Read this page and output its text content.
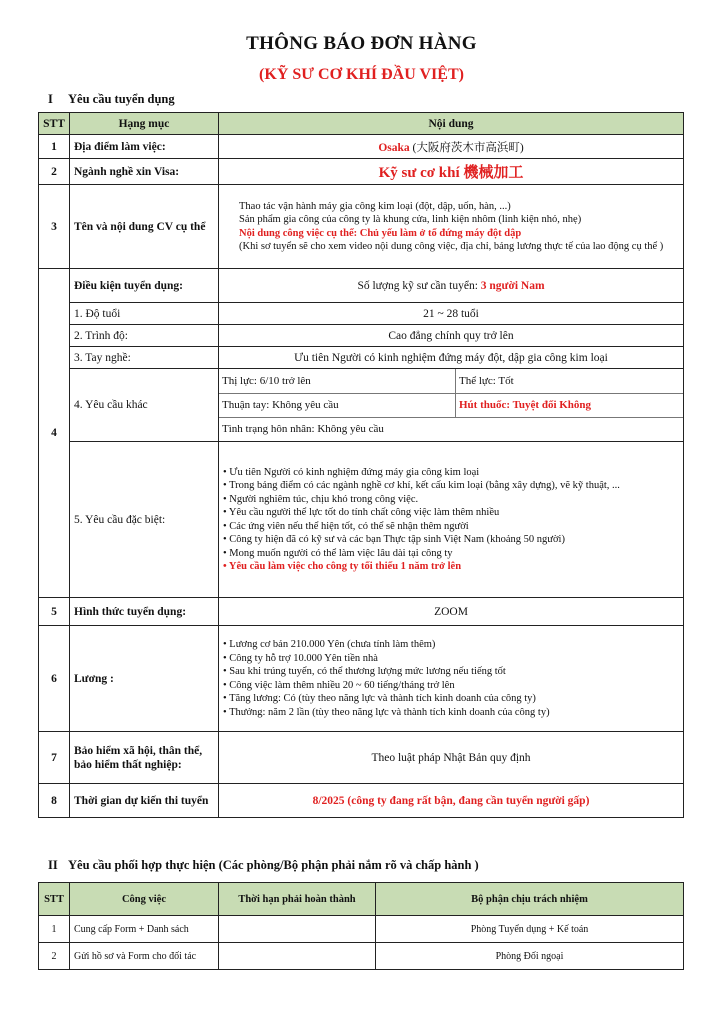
THÔNG BÁO ĐƠN HÀNG
(KỸ SƯ CƠ KHÍ ĐẦU VIỆT)
I Yêu cầu tuyển dụng
STT	Hạng mục	Nội dung
1	Địa điểm làm việc:	Osaka (大阪府茨木市高浜町)
2	Ngành nghề xin Visa:	Kỹ sư cơ khí 機械加工
3	Tên và nội dung CV cụ thể	
Thao tác vận hành máy gia công kim loại (đột, dập, uốn, hàn, ...)
Sản phẩm gia công của công ty là khung cửa, linh kiện nhôm (linh kiện nhỏ, nhẹ)
Nội dung công việc cụ thể: Chủ yếu làm ở tổ đứng máy đột dập
(Khi sơ tuyển sẽ cho xem video nội dung công việc, địa chỉ, bảng lương thực tế của lao động cụ thể )

4	Điều kiện tuyển dụng:	Số lượng kỹ sư cần tuyển: 3 người Nam
1. Độ tuổi	21 ~ 28 tuổi
2. Trình độ:	Cao đẳng chính quy trở lên
3. Tay nghề:	Ưu tiên Người có kinh nghiệm đứng máy đột, dập gia công kim loại
4. Yêu cầu khác	
Thị lực: 6/10 trở lên	Thể lực: Tốt
Thuận tay: Không yêu cầu	Hút thuốc: Tuyệt đối Không
Tình trạng hôn nhân: Không yêu cầu

5. Yêu cầu đặc biệt:	
• Ưu tiên Người có kinh nghiệm đứng máy gia công kim loại
• Trong bảng điểm có các ngành nghề cơ khí, kết cấu kim loại (bằng xây dựng), vẽ kỹ thuật, ...
• Người nghiêm túc, chịu khó trong công việc.
• Yêu cầu người thể lực tốt do tính chất công việc làm thêm nhiều
• Các ứng viên nếu thể hiện tốt, có thể sẽ nhận thêm người
• Công ty hiện đã có kỹ sư và các bạn Thực tập sinh Việt Nam (khoảng 50 người)
• Mong muốn người có thể làm việc lâu dài tại công ty
• Yêu cầu làm việc cho công ty tối thiểu 1 năm trở lên

5	Hình thức tuyển dụng:	ZOOM
6	Lương :	
• Lương cơ bản 210.000 Yên (chưa tính làm thêm)
• Công ty hỗ trợ 10.000 Yên tiền nhà
• Sau khi trúng tuyển, có thể thương lượng mức lương nếu tiếng tốt
• Công việc làm thêm nhiều 20 ~ 60 tiếng/tháng trở lên
• Tăng lương: Có (tùy theo năng lực và thành tích kinh doanh của công ty)
• Thưởng: năm 2 lần (tùy theo năng lực và thành tích kinh doanh của công ty)

7	Bảo hiểm xã hội, thân thể, bảo hiểm thất nghiệp:	Theo luật pháp Nhật Bản quy định
8	Thời gian dự kiến thi tuyển	8/2025 (công ty đang rất bận, đang cần tuyển người gấp)
II Yêu cầu phối hợp thực hiện (Các phòng/Bộ phận phải nắm rõ và chấp hành )
STT	Công việc	Thời hạn phải hoàn thành	Bộ phận chịu trách nhiệm
1	Cung cấp Form + Danh sách		Phòng Tuyển dụng + Kế toán
2	Gửi hồ sơ và Form cho đối tác		Phòng Đối ngoại
